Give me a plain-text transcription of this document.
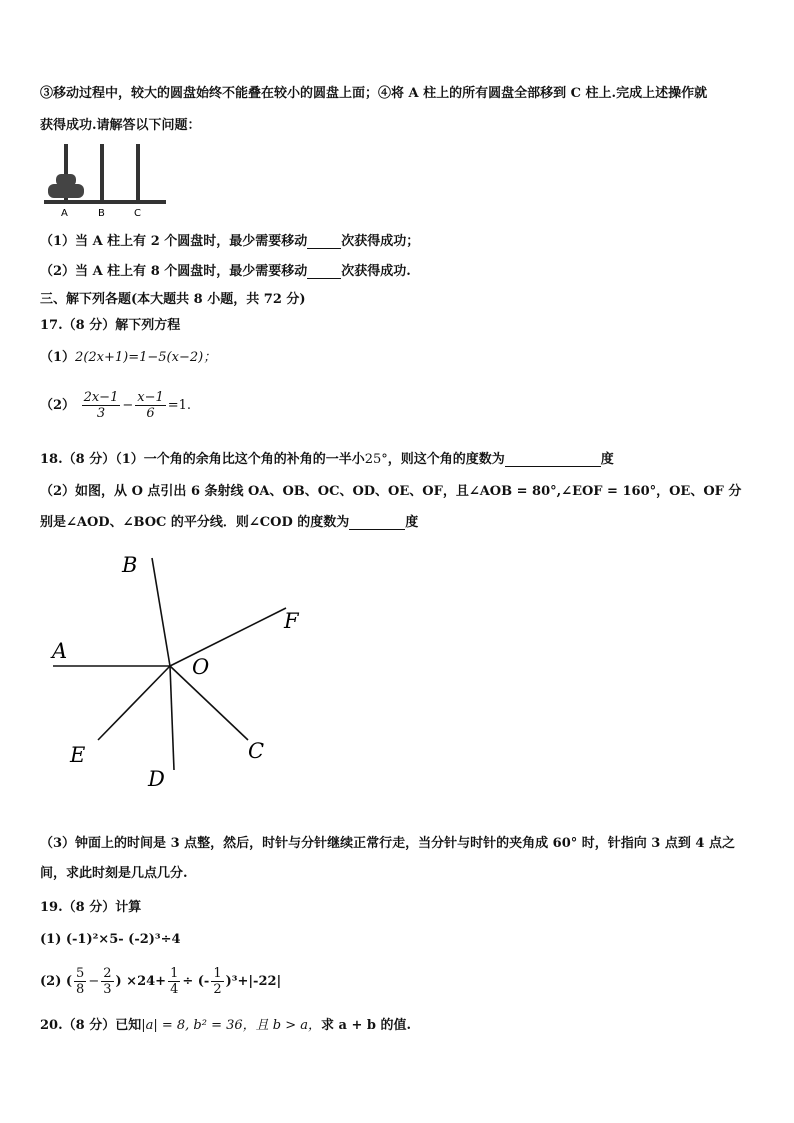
③移动过程中，较大的圆盘始终不能叠在较小的圆盘上面；④将 A 柱上的所有圆盘全部移到 C 柱上.完成上述操作就
获得成功.请解答以下问题：
A	B	C
（1）当 A 柱上有 2 个圆盘时，最少需要移动	次获得成功；
（2）当 A 柱上有 8 个圆盘时，最少需要移动	次获得成功.
三、解下列各题(本大题共 8 小题，共 72 分)
17.（8 分）解下列方程
（1）2(2x+1)=1−5(x−2)；
$(2) \frac{2x-1}{3} - \frac{x-1}{6} =1$.
18.（8 分）（1）一个角的余角比这个角的补角的一半小25°，则这个角的度数为	度
（2）如图，从 O 点引出 6 条射线 OA、OB、OC、OD、OE、OF，且∠AOB = 80°,∠EOF = 160°，OE、OF 分
别是∠AOD、∠BOC 的平分线．则∠COD 的度数为	度
A
B
F
O
C
E
D
（3）钟面上的时间是 3 点整，然后，时针与分针继续正常行走，当分针与时针的夹角成 60° 时，针指向 3 点到 4 点之
间，求此时刻是几点几分.
19.（8 分）计算
(1) (-1)²×5- (-2)³÷4
(2) ( $\frac{5}{8} - \frac{2}{3}$ ) $\times 24+ \frac{1}{4}$ ÷ (- $\frac{1}{2} )^3+|-22|$
20.（8 分）已知|a| = 8, b² = 36，且 b > a，求 a + b 的值.
